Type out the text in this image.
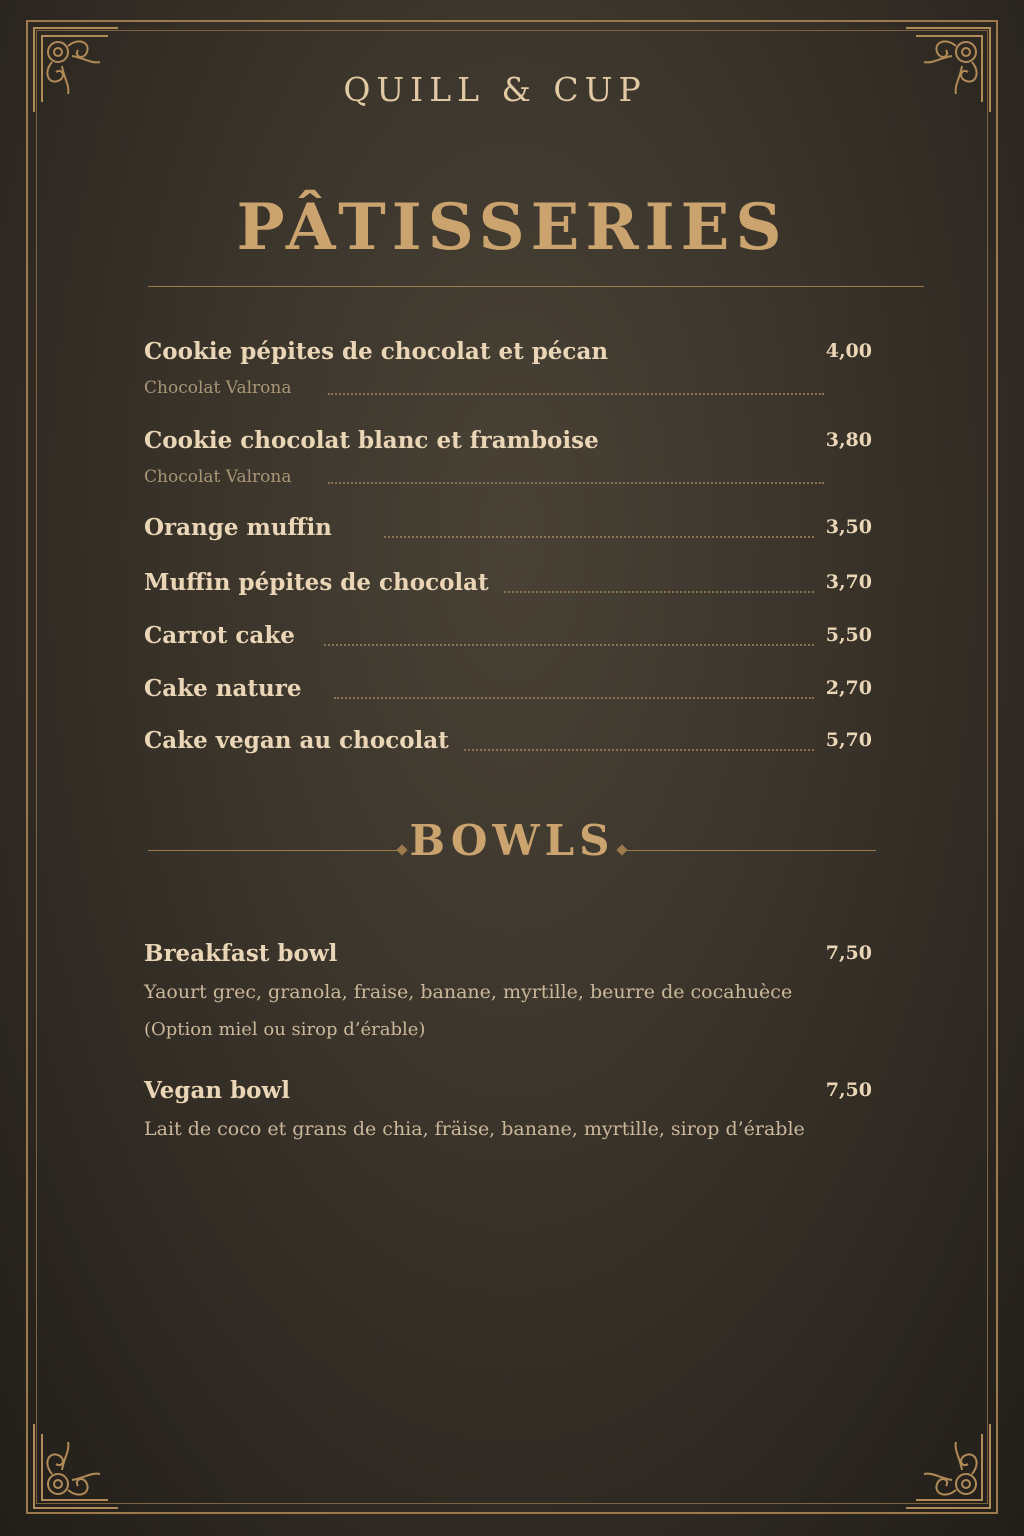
QUILL & CUP
PÂTISSERIES
Cookie pépites de chocolat et pécan	4,00
Chocolat Valrona
Cookie chocolat blanc et framboise	3,80
Chocolat Valrona
Orange muffin	3,50
Muffin pépites de chocolat	3,70
Carrot cake	5,50
Cake nature	2,70
Cake vegan au chocolat	5,70
BOWLS
Breakfast bowl	7,50
Yaourt grec, granola, fraise, banane, myrtille, beurre de cocahuèce
(Option miel ou sirop d’érable)
Vegan bowl	7,50
Lait de coco et grans de chia, fräise, banane, myrtille, sirop d’érable
